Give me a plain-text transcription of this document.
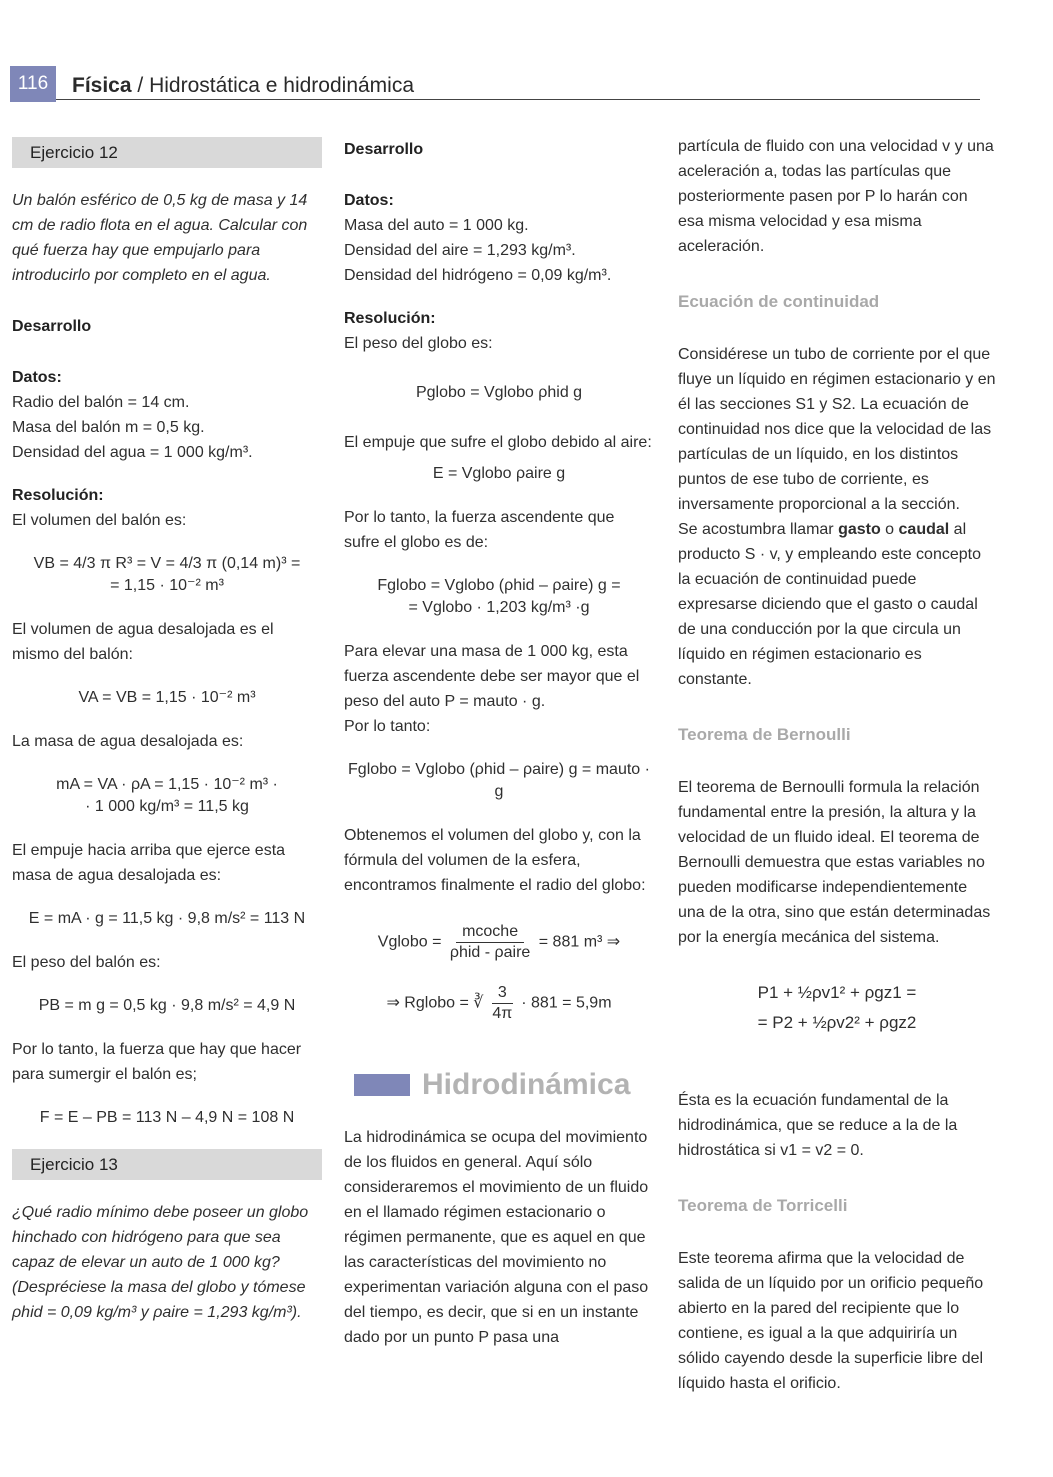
116	Física / Hidrostática e hidrodinámica
Ejercicio 12

Un balón esférico de 0,5 kg de masa y 14 cm de radio flota en el agua. Calcular con qué fuerza hay que empujarlo para introducirlo por completo en el agua.

Desarrollo

Datos:

Radio del balón = 14 cm.

Masa del balón m = 0,5 kg.

Densidad del agua = 1 000 kg/m³.

Resolución:

El volumen del balón es:

VB = 4/3 π R³ = V = 4/3 π (0,14 m)³ =
= 1,15 · 10⁻² m³

El volumen de agua desalojada es el mismo del balón:

VA = VB = 1,15 · 10⁻² m³

La masa de agua desalojada es:

mA = VA · ρA = 1,15 · 10⁻² m³ ·
· 1 000 kg/m³ = 11,5 kg

El empuje hacia arriba que ejerce esta masa de agua desalojada es:

E = mA · g = 11,5 kg · 9,8 m/s² = 113 N

El peso del balón es:

PB = m g = 0,5 kg · 9,8 m/s² = 4,9 N

Por lo tanto, la fuerza que hay que hacer para sumergir el balón es;

F = E – PB = 113 N – 4,9 N = 108 N
Ejercicio 13

¿Qué radio mínimo debe poseer un globo hinchado con hidrógeno para que sea capaz de elevar un auto de 1 000 kg? (Despréciese la masa del globo y tómese ρhid = 0,09 kg/m³ y ρaire = 1,293 kg/m³).

Desarrollo

Datos:

Masa del auto = 1 000 kg.

Densidad del aire = 1,293 kg/m³.

Densidad del hidrógeno = 0,09 kg/m³.

Resolución:

El peso del globo es:

Pglobo = Vglobo ρhid g

El empuje que sufre el globo debido al aire:

E = Vglobo ρaire g

Por lo tanto, la fuerza ascendente que sufre el globo es de:

Fglobo = Vglobo (ρhid – ρaire) g =
= Vglobo · 1,203 kg/m³ ·g

Para elevar una masa de 1 000 kg, esta fuerza ascendente debe ser mayor que el peso del auto P = mauto · g.

Por lo tanto:

Fglobo = Vglobo (ρhid – ρaire) g = mauto · g

Obtenemos el volumen del globo y, con la fórmula del volumen de la esfera, encontramos finalmente el radio del globo:

Vglobo = $\frac{\text{mcoche}}{\text{ρhid - ρaire}} = 881$ m³ ⇒
⇒ Rglobo = ∛ $\frac{3}{4\pi} \cdot 881 = 5,9m$
Hidrodinámica

La hidrodinámica se ocupa del movimiento de los fluidos en general. Aquí sólo consideraremos el movimiento de un fluido en el llamado régimen estacionario o régimen permanente, que es aquel en que las características del movimiento no experimentan variación alguna con el paso del tiempo, es decir, que si en un instante dado por un punto P pasa una

partícula de fluido con una velocidad v y una aceleración a, todas las partículas que posteriormente pasen por P lo harán con esa misma velocidad y esa misma aceleración.

Ecuación de continuidad

Considérese un tubo de corriente por el que fluye un líquido en régimen estacionario y en él las secciones S1 y S2. La ecuación de continuidad nos dice que la velocidad de las partículas de un líquido, en los distintos puntos de ese tubo de corriente, es inversamente proporcional a la sección.

Se acostumbra llamar gasto o caudal al producto S · v, y empleando este concepto la ecuación de continuidad puede expresarse diciendo que el gasto o caudal de una conducción por la que circula un líquido en régimen estacionario es constante.

Teorema de Bernoulli

El teorema de Bernoulli formula la relación fundamental entre la presión, la altura y la velocidad de un fluido ideal. El teorema de Bernoulli demuestra que estas variables no pueden modificarse independientemente una de la otra, sino que están determinadas por la energía mecánica del sistema.

P1 + ½ρv1² + ρgz1 =
= P2 + ½ρv2² + ρgz2

Ésta es la ecuación fundamental de la hidrodinámica, que se reduce a la de la hidrostática si v1 = v2 = 0.

Teorema de Torricelli

Este teorema afirma que la velocidad de salida de un líquido por un orificio pequeño abierto en la pared del recipiente que lo contiene, es igual a la que adquiriría un sólido cayendo desde la superficie libre del líquido hasta el orificio.
